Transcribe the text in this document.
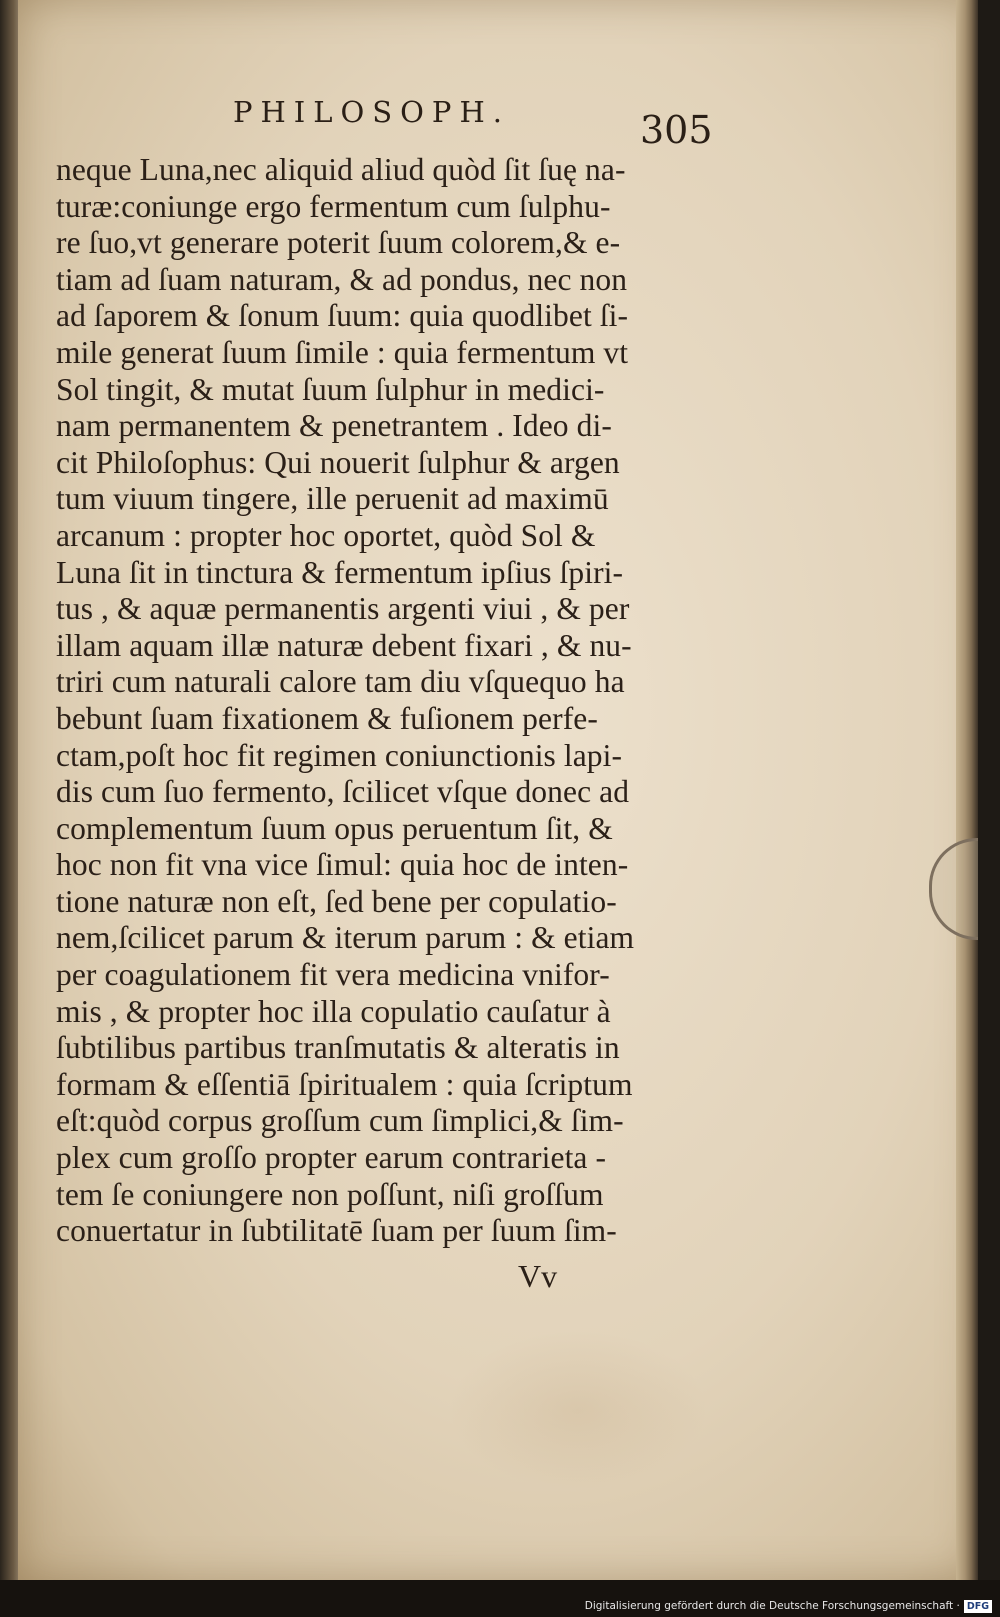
PHILOSOPH.	305
neque Luna,nec aliquid aliud quòd ſit ſuę na-
turæ:coniunge ergo fermentum cum ſulphu-
re ſuo,vt generare poterit ſuum colorem,& e-
tiam ad ſuam naturam, & ad pondus, nec non
ad ſaporem & ſonum ſuum: quia quodlibet ſi-
mile generat ſuum ſimile : quia fermentum vt
Sol tingit, & mutat ſuum ſulphur in medici-
nam permanentem & penetrantem . Ideo di-
cit Philoſophus: Qui nouerit ſulphur & argen
tum viuum tingere, ille peruenit ad maximū
arcanum : propter hoc oportet, quòd Sol &
Luna ſit in tinctura & fermentum ipſius ſpiri-
tus , & aquæ permanentis argenti viui , & per
illam aquam illæ naturæ debent fixari , & nu-
triri cum naturali calore tam diu vſquequo ha
bebunt ſuam fixationem & fuſionem perfe-
ctam,poſt hoc fit regimen coniunctionis lapi-
dis cum ſuo fermento, ſcilicet vſque donec ad
complementum ſuum opus peruentum ſit, &
hoc non fit vna vice ſimul: quia hoc de inten-
tione naturæ non eſt, ſed bene per copulatio-
nem,ſcilicet parum & iterum parum : & etiam
per coagulationem fit vera medicina vnifor-
mis , & propter hoc illa copulatio cauſatur à
ſubtilibus partibus tranſmutatis & alteratis in
formam & eſſentiā ſpiritualem : quia ſcriptum
eſt:quòd corpus groſſum cum ſimplici,& ſim-
plex cum groſſo propter earum contrarieta -
tem ſe coniungere non poſſunt, niſi groſſum
conuertatur in ſubtilitatē ſuam per ſuum ſim-
Vv
Digitalisierung gefördert durch die Deutsche Forschungsgemeinschaft · DFG
